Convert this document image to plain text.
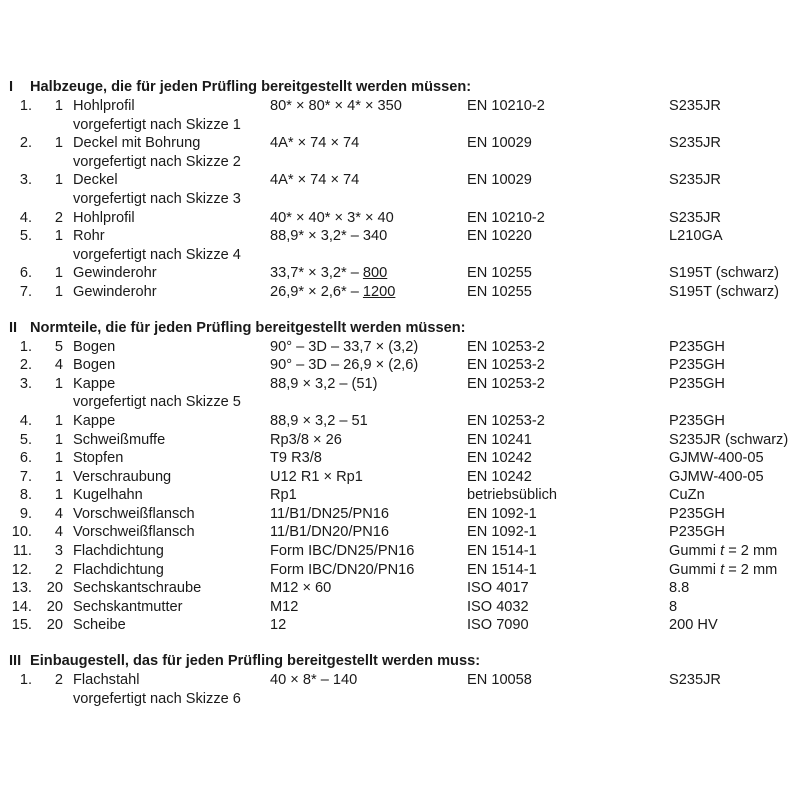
I Halbzeuge, die für jeden Prüfling bereitgestellt werden müssen:
1. 1 Hohlprofil	80* × 80* × 4* × 350	EN 10210-2	S235JR
vorgefertigt nach Skizze 1
2. 1 Deckel mit Bohrung	4A* × 74 × 74	EN 10029	S235JR
vorgefertigt nach Skizze 2
3. 1 Deckel	4A* × 74 × 74	EN 10029	S235JR
vorgefertigt nach Skizze 3
4. 2 Hohlprofil	40* × 40* × 3* × 40	EN 10210-2	S235JR
5. 1 Rohr	88,9* × 3,2* – 340	EN 10220	L210GA
vorgefertigt nach Skizze 4
6. 1 Gewinderohr	33,7* × 3,2* – 800	EN 10255	S195T (schwarz)
7. 1 Gewinderohr	26,9* × 2,6* – 1200	EN 10255	S195T (schwarz)
II Normteile, die für jeden Prüfling bereitgestellt werden müssen:
1. 5 Bogen	90° – 3D – 33,7 × (3,2)	EN 10253-2	P235GH
2. 4 Bogen	90° – 3D – 26,9 × (2,6)	EN 10253-2	P235GH
3. 1 Kappe	88,9 × 3,2 – (51)	EN 10253-2	P235GH
vorgefertigt nach Skizze 5
4. 1 Kappe	88,9 × 3,2 – 51	EN 10253-2	P235GH
5. 1 Schweißmuffe	Rp3/8 × 26	EN 10241	S235JR (schwarz)
6. 1 Stopfen	T9 R3/8	EN 10242	GJMW-400-05
7. 1 Verschraubung	U12 R1 × Rp1	EN 10242	GJMW-400-05
8. 1 Kugelhahn	Rp1	betriebsüblich	CuZn
9. 4 Vorschweißflansch	11/B1/DN25/PN16	EN 1092-1	P235GH
10. 4 Vorschweißflansch	11/B1/DN20/PN16	EN 1092-1	P235GH
11. 3 Flachdichtung	Form IBC/DN25/PN16	EN 1514-1	Gummi t = 2 mm
12. 2 Flachdichtung	Form IBC/DN20/PN16	EN 1514-1	Gummi t = 2 mm
13. 20 Sechskantschraube	M12 × 60	ISO 4017	8.8
14. 20 Sechskantmutter	M12	ISO 4032	8
15. 20 Scheibe	12	ISO 7090	200 HV
III Einbaugestell, das für jeden Prüfling bereitgestellt werden muss:
1. 2 Flachstahl	40 × 8* – 140	EN 10058	S235JR
vorgefertigt nach Skizze 6
